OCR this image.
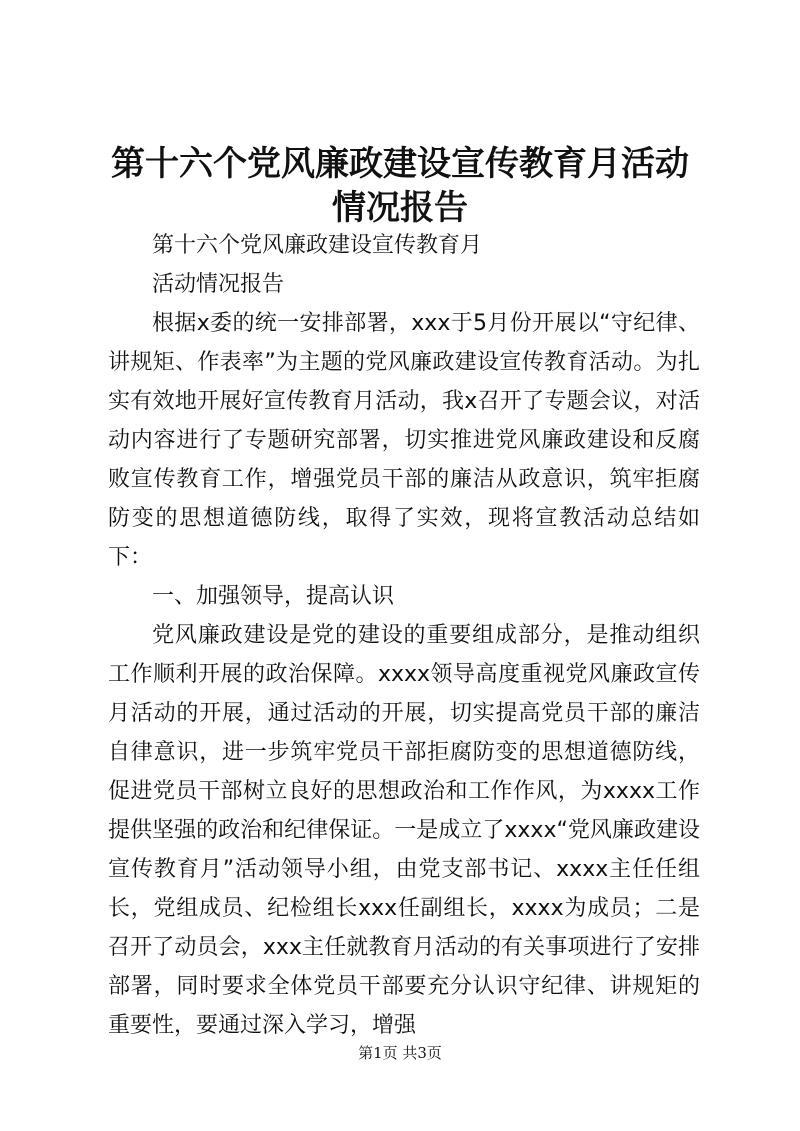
第十六个党风廉政建设宣传教育月活动情况报告

第十六个党风廉政建设宣传教育月

活动情况报告

根据x委的统一安排部署，xxx于5月份开展以“守纪律、讲规矩、作表率”为主题的党风廉政建设宣传教育活动。为扎实有效地开展好宣传教育月活动，我x召开了专题会议，对活动内容进行了专题研究部署，切实推进党风廉政建设和反腐败宣传教育工作，增强党员干部的廉洁从政意识，筑牢拒腐防变的思想道德防线，取得了实效，现将宣教活动总结如下：

一、加强领导，提高认识

党风廉政建设是党的建设的重要组成部分，是推动组织工作顺利开展的政治保障。xxxx领导高度重视党风廉政宣传月活动的开展，通过活动的开展，切实提高党员干部的廉洁自律意识，进一步筑牢党员干部拒腐防变的思想道德防线，促进党员干部树立良好的思想政治和工作作风，为xxxx工作提供坚强的政治和纪律保证。一是成立了xxxx“党风廉政建设宣传教育月”活动领导小组，由党支部书记、xxxx主任任组长，党组成员、纪检组长xxx任副组长，xxxx为成员；二是召开了动员会，xxx主任就教育月活动的有关事项进行了安排部署，同时要求全体党员干部要充分认识守纪律、讲规矩的重要性，要通过深入学习，增强

第1页 共3页
